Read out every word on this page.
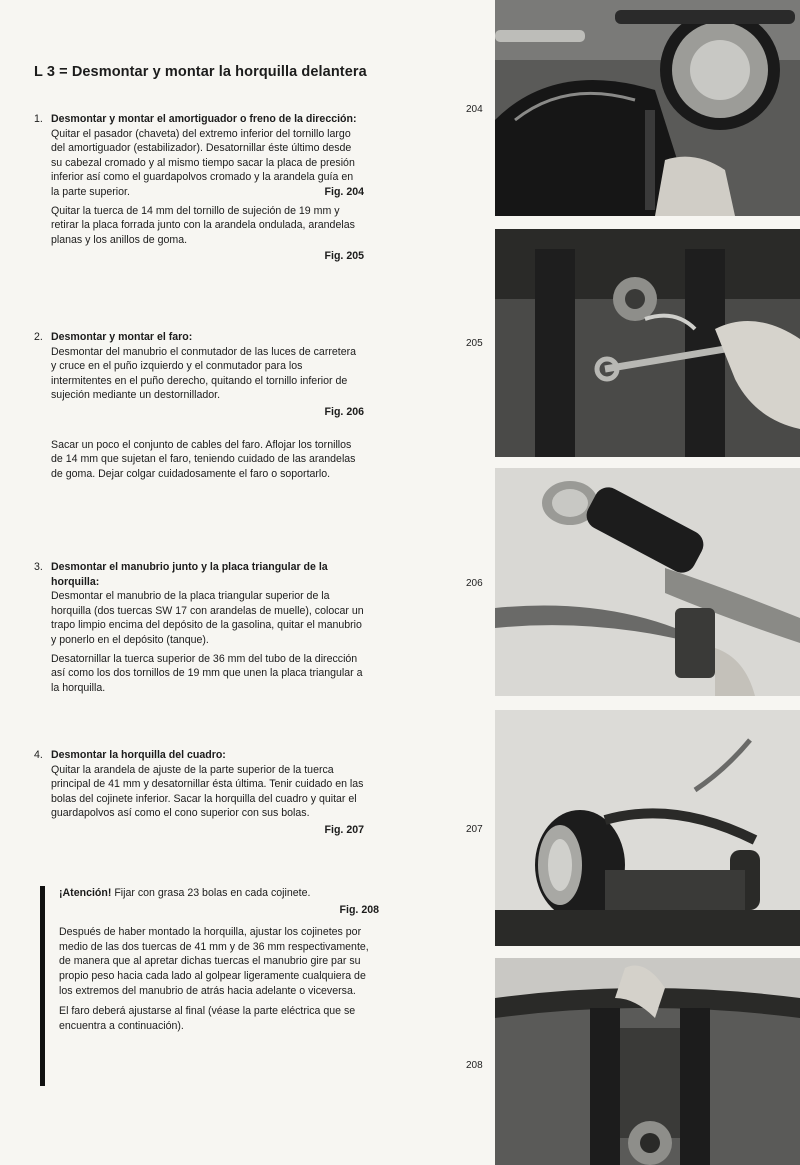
L 3 = Desmontar y montar la horquilla delantera
1. Desmontar y montar el amortiguador o freno de la dirección:

Quitar el pasador (chaveta) del extremo inferior del tornillo largo del amortiguador (estabilizador). Desatornillar éste último desde su cabezal cromado y al mismo tiempo sacar la placa de presión inferior así como el guardapolvos cromado y la arandela guía en la parte superior.	Fig. 204

Quitar la tuerca de 14 mm del tornillo de sujeción de 19 mm y retirar la placa forrada junto con la arandela ondulada, arandelas planas y los anillos de goma.

Fig. 205
2. Desmontar y montar el faro:

Desmontar del manubrio el conmutador de las luces de carretera y cruce en el puño izquierdo y el conmutador para los intermitentes en el puño derecho, quitando el tornillo inferior de sujeción mediante un destornillador.

Fig. 206

Sacar un poco el conjunto de cables del faro. Aflojar los tornillos de 14 mm que sujetan el faro, teniendo cuidado de las arandelas de goma. Dejar colgar cuidadosamente el faro o soportarlo.

3. Desmontar el manubrio junto y la placa triangular de la horquilla:

Desmontar el manubrio de la placa triangular superior de la horquilla (dos tuercas SW 17 con arandelas de muelle), colocar un trapo limpio encima del depósito de la gasolina, quitar el manubrio y ponerlo en el depósito (tanque).

Desatornillar la tuerca superior de 36 mm del tubo de la dirección así como los dos tornillos de 19 mm que unen la placa triangular a la horquilla.

4. Desmontar la horquilla del cuadro:

Quitar la arandela de ajuste de la parte superior de la tuerca principal de 41 mm y desatornillar ésta última. Tenir cuidado en las bolas del cojinete inferior. Sacar la horquilla del cuadro y quitar el guardapolvos así como el cono superior con sus bolas.

Fig. 207

¡Atención! Fijar con grasa 23 bolas en cada cojinete.

Fig. 208

Después de haber montado la horquilla, ajustar los cojinetes por medio de las dos tuercas de 41 mm y de 36 mm respectivamente, de manera que al apretar dichas tuercas el manubrio gire par su propio peso hacia cada lado al golpear ligeramente cualquiera de los extremos del manubrio de atrás hacia adelante o viceversa.

El faro deberá ajustarse al final (véase la parte eléctrica que se encuentra a continuación).

204
205
206
207
208
